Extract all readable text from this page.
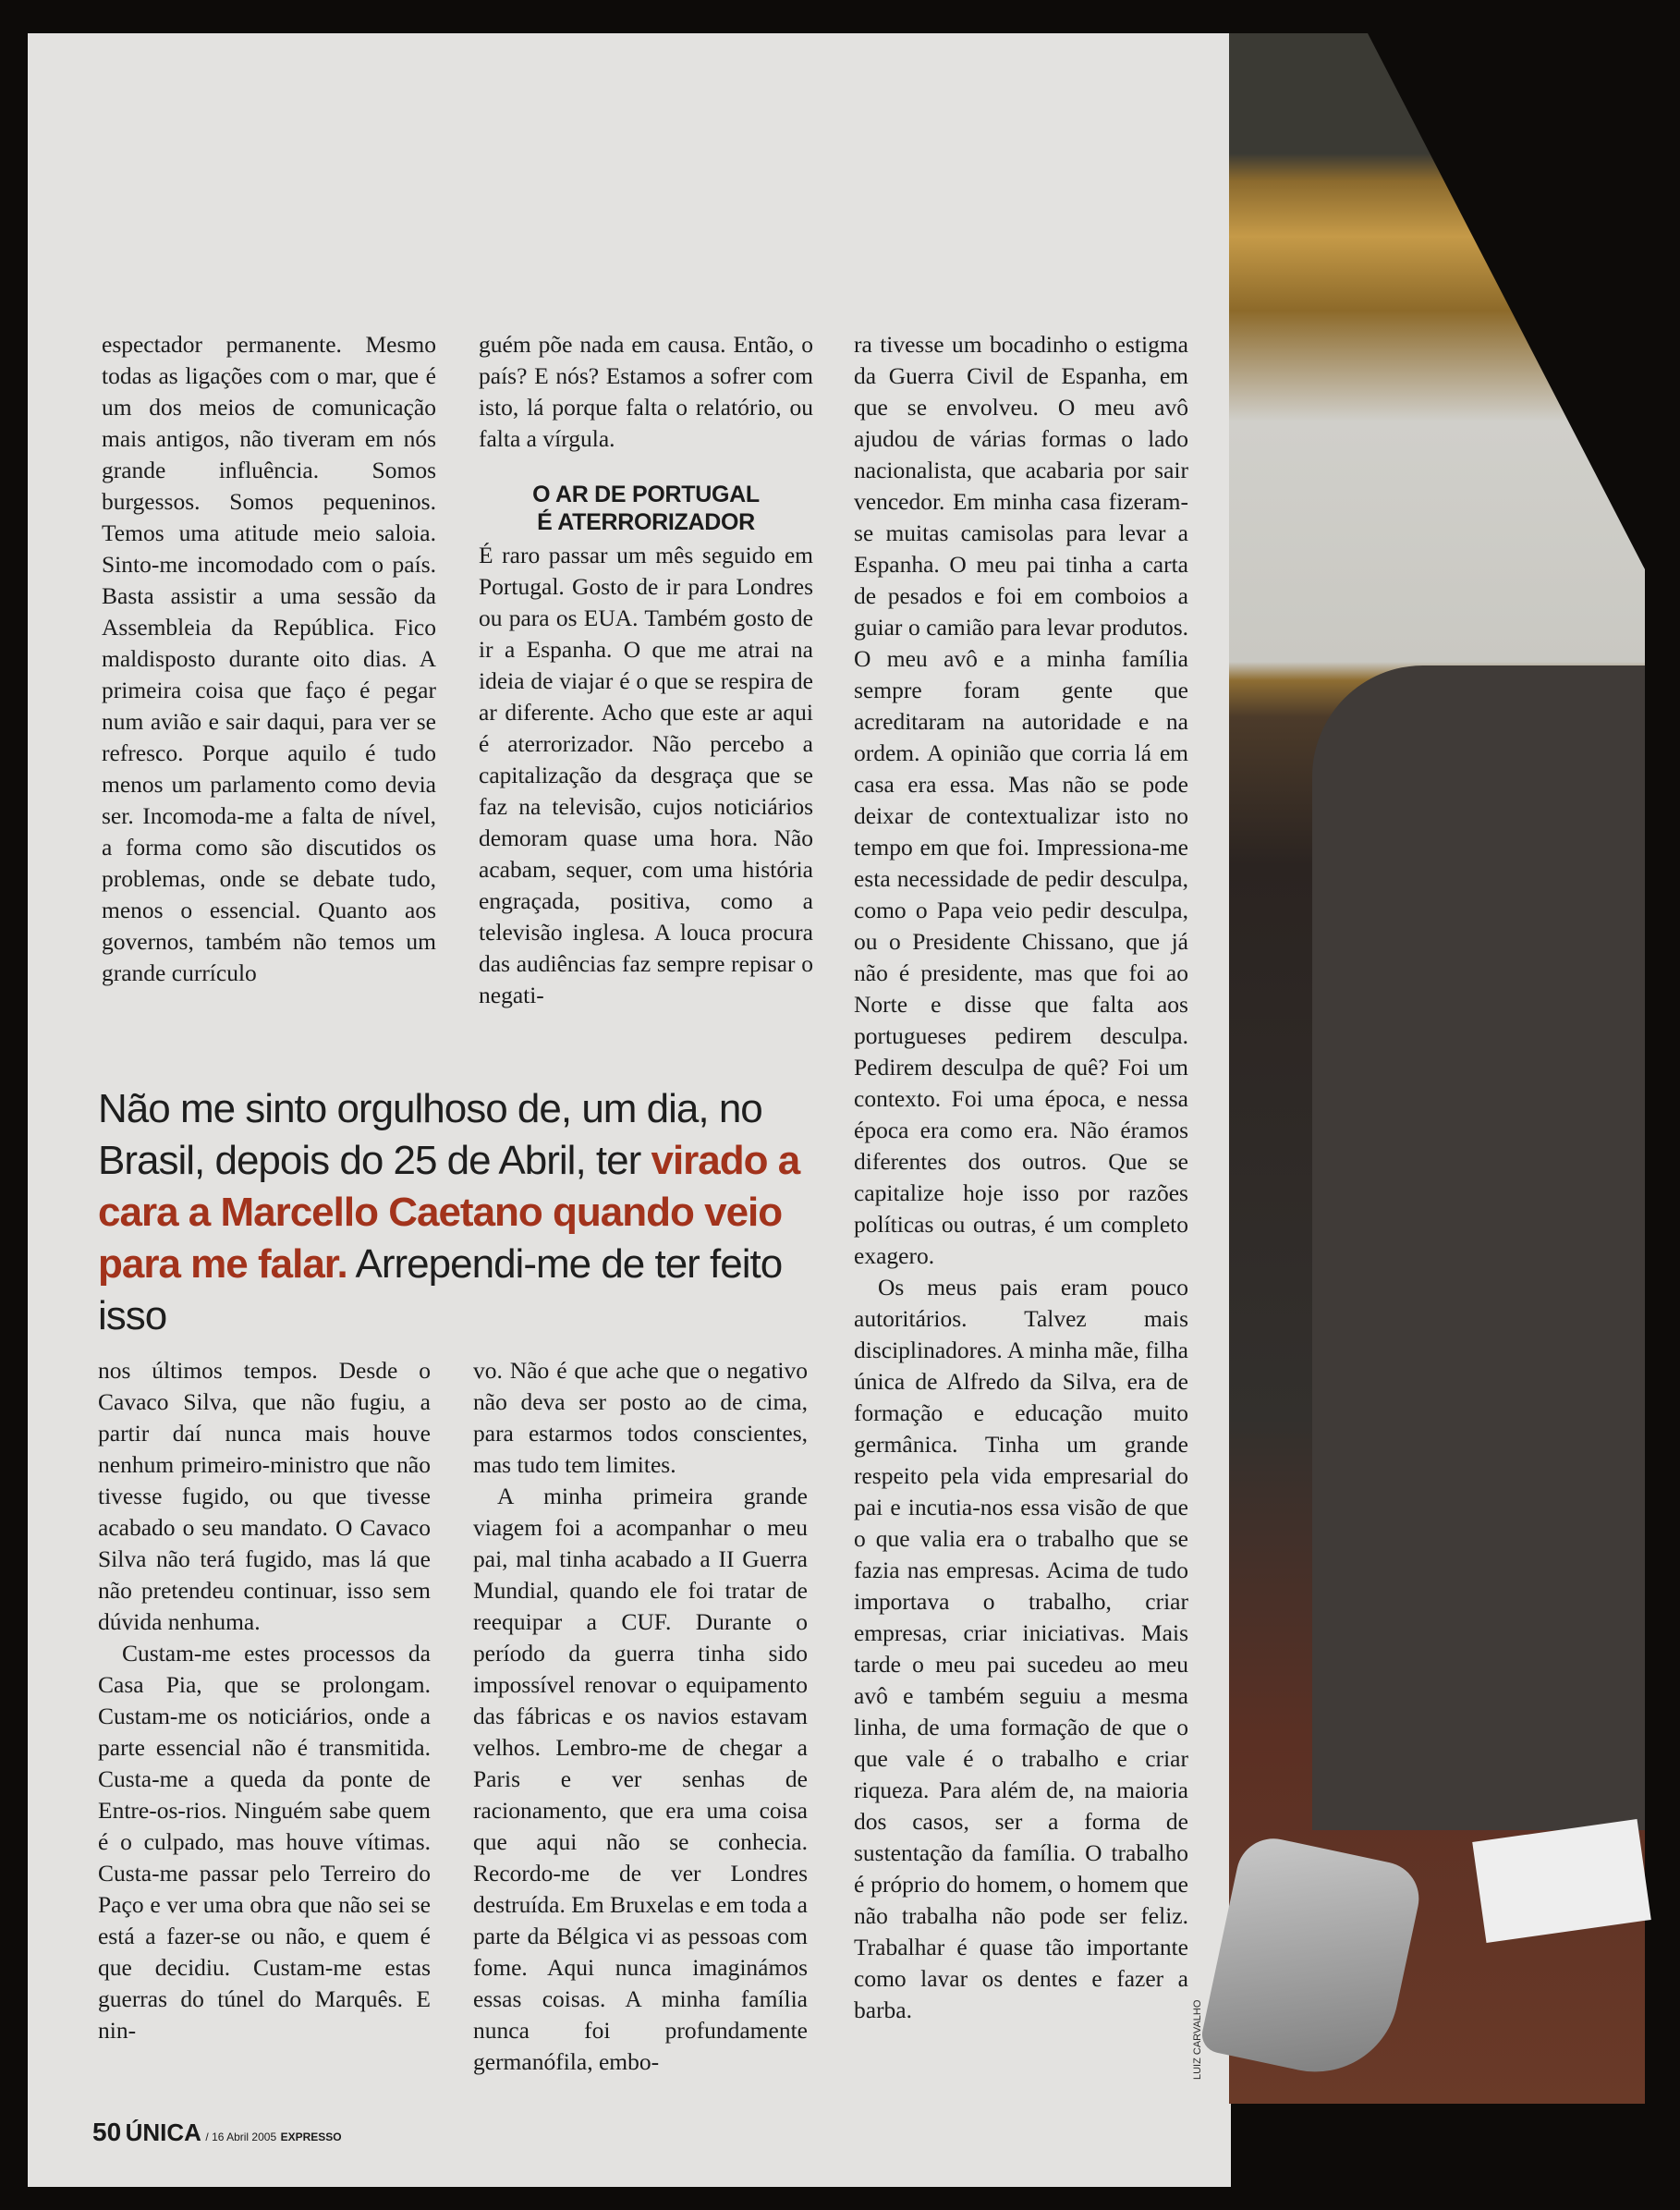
espectador permanente. Mesmo todas as ligações com o mar, que é um dos meios de comunicação mais antigos, não tiveram em nós grande influência. Somos burgessos. Somos pequeninos. Temos uma atitude meio saloia. Sinto-me incomodado com o país. Basta assistir a uma sessão da Assembleia da República. Fico maldisposto durante oito dias. A primeira coisa que faço é pegar num avião e sair daqui, para ver se refresco. Porque aquilo é tudo menos um parlamento como devia ser. Incomoda-me a falta de nível, a forma como são discutidos os problemas, onde se debate tudo, menos o essencial. Quanto aos governos, também não temos um grande currículo

guém põe nada em causa. Então, o país? E nós? Estamos a sofrer com isto, lá porque falta o relatório, ou falta a vírgula.

O AR DE PORTUGAL
É ATERRORIZADOR

É raro passar um mês seguido em Portugal. Gosto de ir para Londres ou para os EUA. Também gosto de ir a Espanha. O que me atrai na ideia de viajar é o que se respira de ar diferente. Acho que este ar aqui é aterrorizador. Não percebo a capitalização da desgraça que se faz na televisão, cujos noticiários demoram quase uma hora. Não acabam, sequer, com uma história engraçada, positiva, como a televisão inglesa. A louca procura das audiências faz sempre repisar o negati-

ra tivesse um bocadinho o estigma da Guerra Civil de Espanha, em que se envolveu. O meu avô ajudou de várias formas o lado nacionalista, que acabaria por sair vencedor. Em minha casa fizeram-se muitas camisolas para levar a Espanha. O meu pai tinha a carta de pesados e foi em comboios a guiar o camião para levar produtos. O meu avô e a minha família sempre foram gente que acreditaram na autoridade e na ordem. A opinião que corria lá em casa era essa. Mas não se pode deixar de contextualizar isto no tempo em que foi. Impressiona-me esta necessidade de pedir desculpa, como o Papa veio pedir desculpa, ou o Presidente Chissano, que já não é presidente, mas que foi ao Norte e disse que falta aos portugueses pedirem desculpa. Pedirem desculpa de quê? Foi um contexto. Foi uma época, e nessa época era como era. Não éramos diferentes dos outros. Que se capitalize hoje isso por razões políticas ou outras, é um completo exagero.

Os meus pais eram pouco autoritários. Talvez mais disciplinadores. A minha mãe, filha única de Alfredo da Silva, era de formação e educação muito germânica. Tinha um grande respeito pela vida empresarial do pai e incutia-nos essa visão de que o que valia era o trabalho que se fazia nas empresas. Acima de tudo importava o trabalho, criar empresas, criar iniciativas. Mais tarde o meu pai sucedeu ao meu avô e também seguiu a mesma linha, de uma formação de que o que vale é o trabalho e criar riqueza. Para além de, na maioria dos casos, ser a forma de sustentação da família. O trabalho é próprio do homem, o homem que não trabalha não pode ser feliz. Trabalhar é quase tão importante como lavar os dentes e fazer a barba.

Não me sinto orgulhoso de, um dia, no Brasil, depois do 25 de Abril, ter virado a cara a Marcello Caetano quando veio para me falar. Arrependi-me de ter feito isso

nos últimos tempos. Desde o Cavaco Silva, que não fugiu, a partir daí nunca mais houve nenhum primeiro-ministro que não tivesse fugido, ou que tivesse acabado o seu mandato. O Cavaco Silva não terá fugido, mas lá que não pretendeu continuar, isso sem dúvida nenhuma.

Custam-me estes processos da Casa Pia, que se prolongam. Custam-me os noticiários, onde a parte essencial não é transmitida. Custa-me a queda da ponte de Entre-os-rios. Ninguém sabe quem é o culpado, mas houve vítimas. Custa-me passar pelo Terreiro do Paço e ver uma obra que não sei se está a fazer-se ou não, e quem é que decidiu. Custam-me estas guerras do túnel do Marquês. E nin-

vo. Não é que ache que o negativo não deva ser posto ao de cima, para estarmos todos conscientes, mas tudo tem limites.

A minha primeira grande viagem foi a acompanhar o meu pai, mal tinha acabado a II Guerra Mundial, quando ele foi tratar de reequipar a CUF. Durante o período da guerra tinha sido impossível renovar o equipamento das fábricas e os navios estavam velhos. Lembro-me de chegar a Paris e ver senhas de racionamento, que era uma coisa que aqui não se conhecia. Recordo-me de ver Londres destruída. Em Bruxelas e em toda a parte da Bélgica vi as pessoas com fome. Aqui nunca imaginámos essas coisas. A minha família nunca foi profundamente germanófila, embo-

50 ÚNICA / 16 Abril 2005 EXPRESSO
LUIZ CARVALHO
